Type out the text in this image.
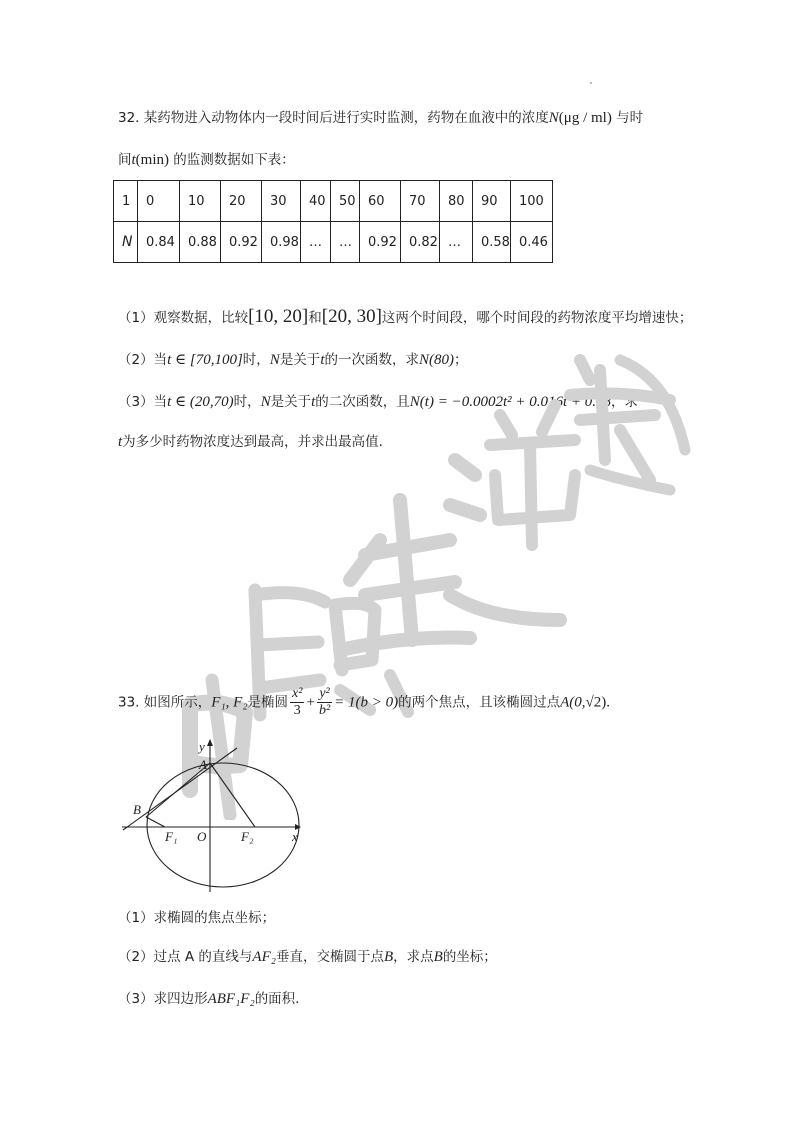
32. 某药物进入动物体内一段时间后进行实时监测，药物在血液中的浓度N(μg / ml) 与时
间t(min) 的监测数据如下表：
1	0	10	20	30	40	50	60	70	80	90	100
N	0.84	0.88	0.92	0.98	…	…	0.92	0.82	…	0.58	0.46
（1）观察数据，比较[10, 20]和[20, 30]这两个时间段，哪个时间段的药物浓度平均增速快；
（2）当t ∈ [70,100]时，N是关于t的一次函数，求N(80)；
（3）当t ∈ (20,70)时，N是关于t的二次函数，且N(t) = −0.0002t² + 0.016t + 0.68，求
t为多少时药物浓度达到最高，并求出最高值.
33. 如图所示，F₁, F₂是椭圆 $\frac{\text{x²}}{3} + \frac{\text{y²}}{\text{b²}} = 1(b > 0)$的两个焦点，且该椭圆过点A(0,√2).
y
A
B
F₁ O	F₂	x
（1）求椭圆的焦点坐标；
（2）过点 A 的直线与AF₂垂直，交椭圆于点B，求点B的坐标；
（3）求四边形ABF₁F₂的面积.
